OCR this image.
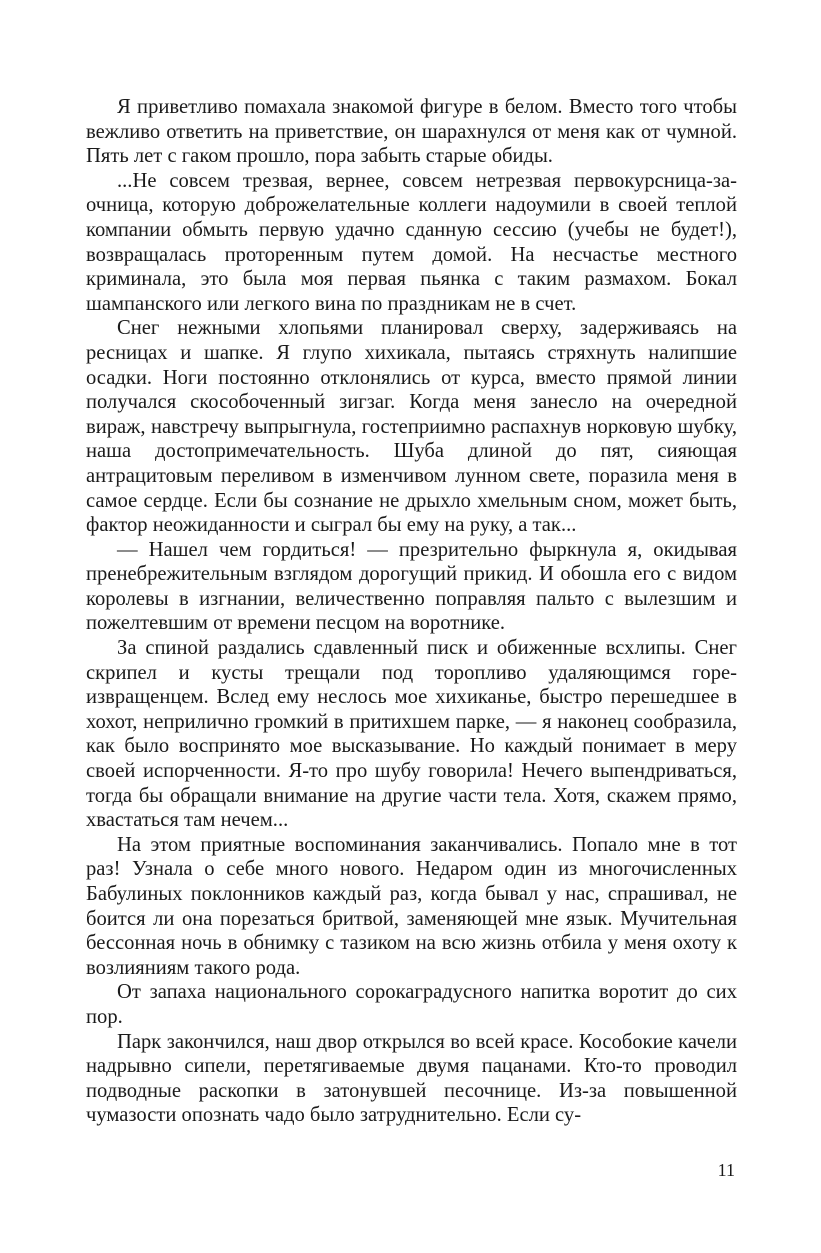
Я приветливо помахала знакомой фигуре в белом. Вместо того чтобы вежливо ответить на приветствие, он шарахнулся от меня как от чумной. Пять лет с гаком прошло, пора забыть старые обиды.

...Не совсем трезвая, вернее, совсем нетрезвая первокурсница-заочница, которую доброжелательные коллеги надоумили в своей теплой компании обмыть первую удачно сданную сессию (учебы не будет!), возвращалась проторенным путем домой. На несчастье местного криминала, это была моя первая пьянка с таким размахом. Бокал шампанского или легкого вина по праздникам не в счет.

Снег нежными хлопьями планировал сверху, задерживаясь на ресницах и шапке. Я глупо хихикала, пытаясь стряхнуть налипшие осадки. Ноги постоянно отклонялись от курса, вместо прямой линии получался скособоченный зигзаг. Когда меня занесло на очередной вираж, навстречу выпрыгнула, гостеприимно распахнув норковую шубку, наша достопримечательность. Шуба длиной до пят, сияющая антрацитовым переливом в изменчивом лунном свете, поразила меня в самое сердце. Если бы сознание не дрыхло хмельным сном, может быть, фактор неожиданности и сыграл бы ему на руку, а так...

— Нашел чем гордиться! — презрительно фыркнула я, окидывая пренебрежительным взглядом дорогущий прикид. И обошла его с видом королевы в изгнании, величественно поправляя пальто с вылезшим и пожелтевшим от времени песцом на воротнике.

За спиной раздались сдавленный писк и обиженные всхлипы. Снег скрипел и кусты трещали под торопливо удаляющимся горе-извращенцем. Вслед ему неслось мое хихиканье, быстро перешедшее в хохот, неприлично громкий в притихшем парке, — я наконец сообразила, как было воспринято мое высказывание. Но каждый понимает в меру своей испорченности. Я-то про шубу говорила! Нечего выпендриваться, тогда бы обращали внимание на другие части тела. Хотя, скажем прямо, хвастаться там нечем...

На этом приятные воспоминания заканчивались. Попало мне в тот раз! Узнала о себе много нового. Недаром один из многочисленных Бабулиных поклонников каждый раз, когда бывал у нас, спрашивал, не боится ли она порезаться бритвой, заменяющей мне язык. Мучительная бессонная ночь в обнимку с тазиком на всю жизнь отбила у меня охоту к возлияниям такого рода.

От запаха национального сорокаградусного напитка воротит до сих пор.

Парк закончился, наш двор открылся во всей красе. Кособокие качели надрывно сипели, перетягиваемые двумя пацанами. Кто-то проводил подводные раскопки в затонувшей песочнице. Из-за повышенной чумазости опознать чадо было затруднительно. Если су-

11
